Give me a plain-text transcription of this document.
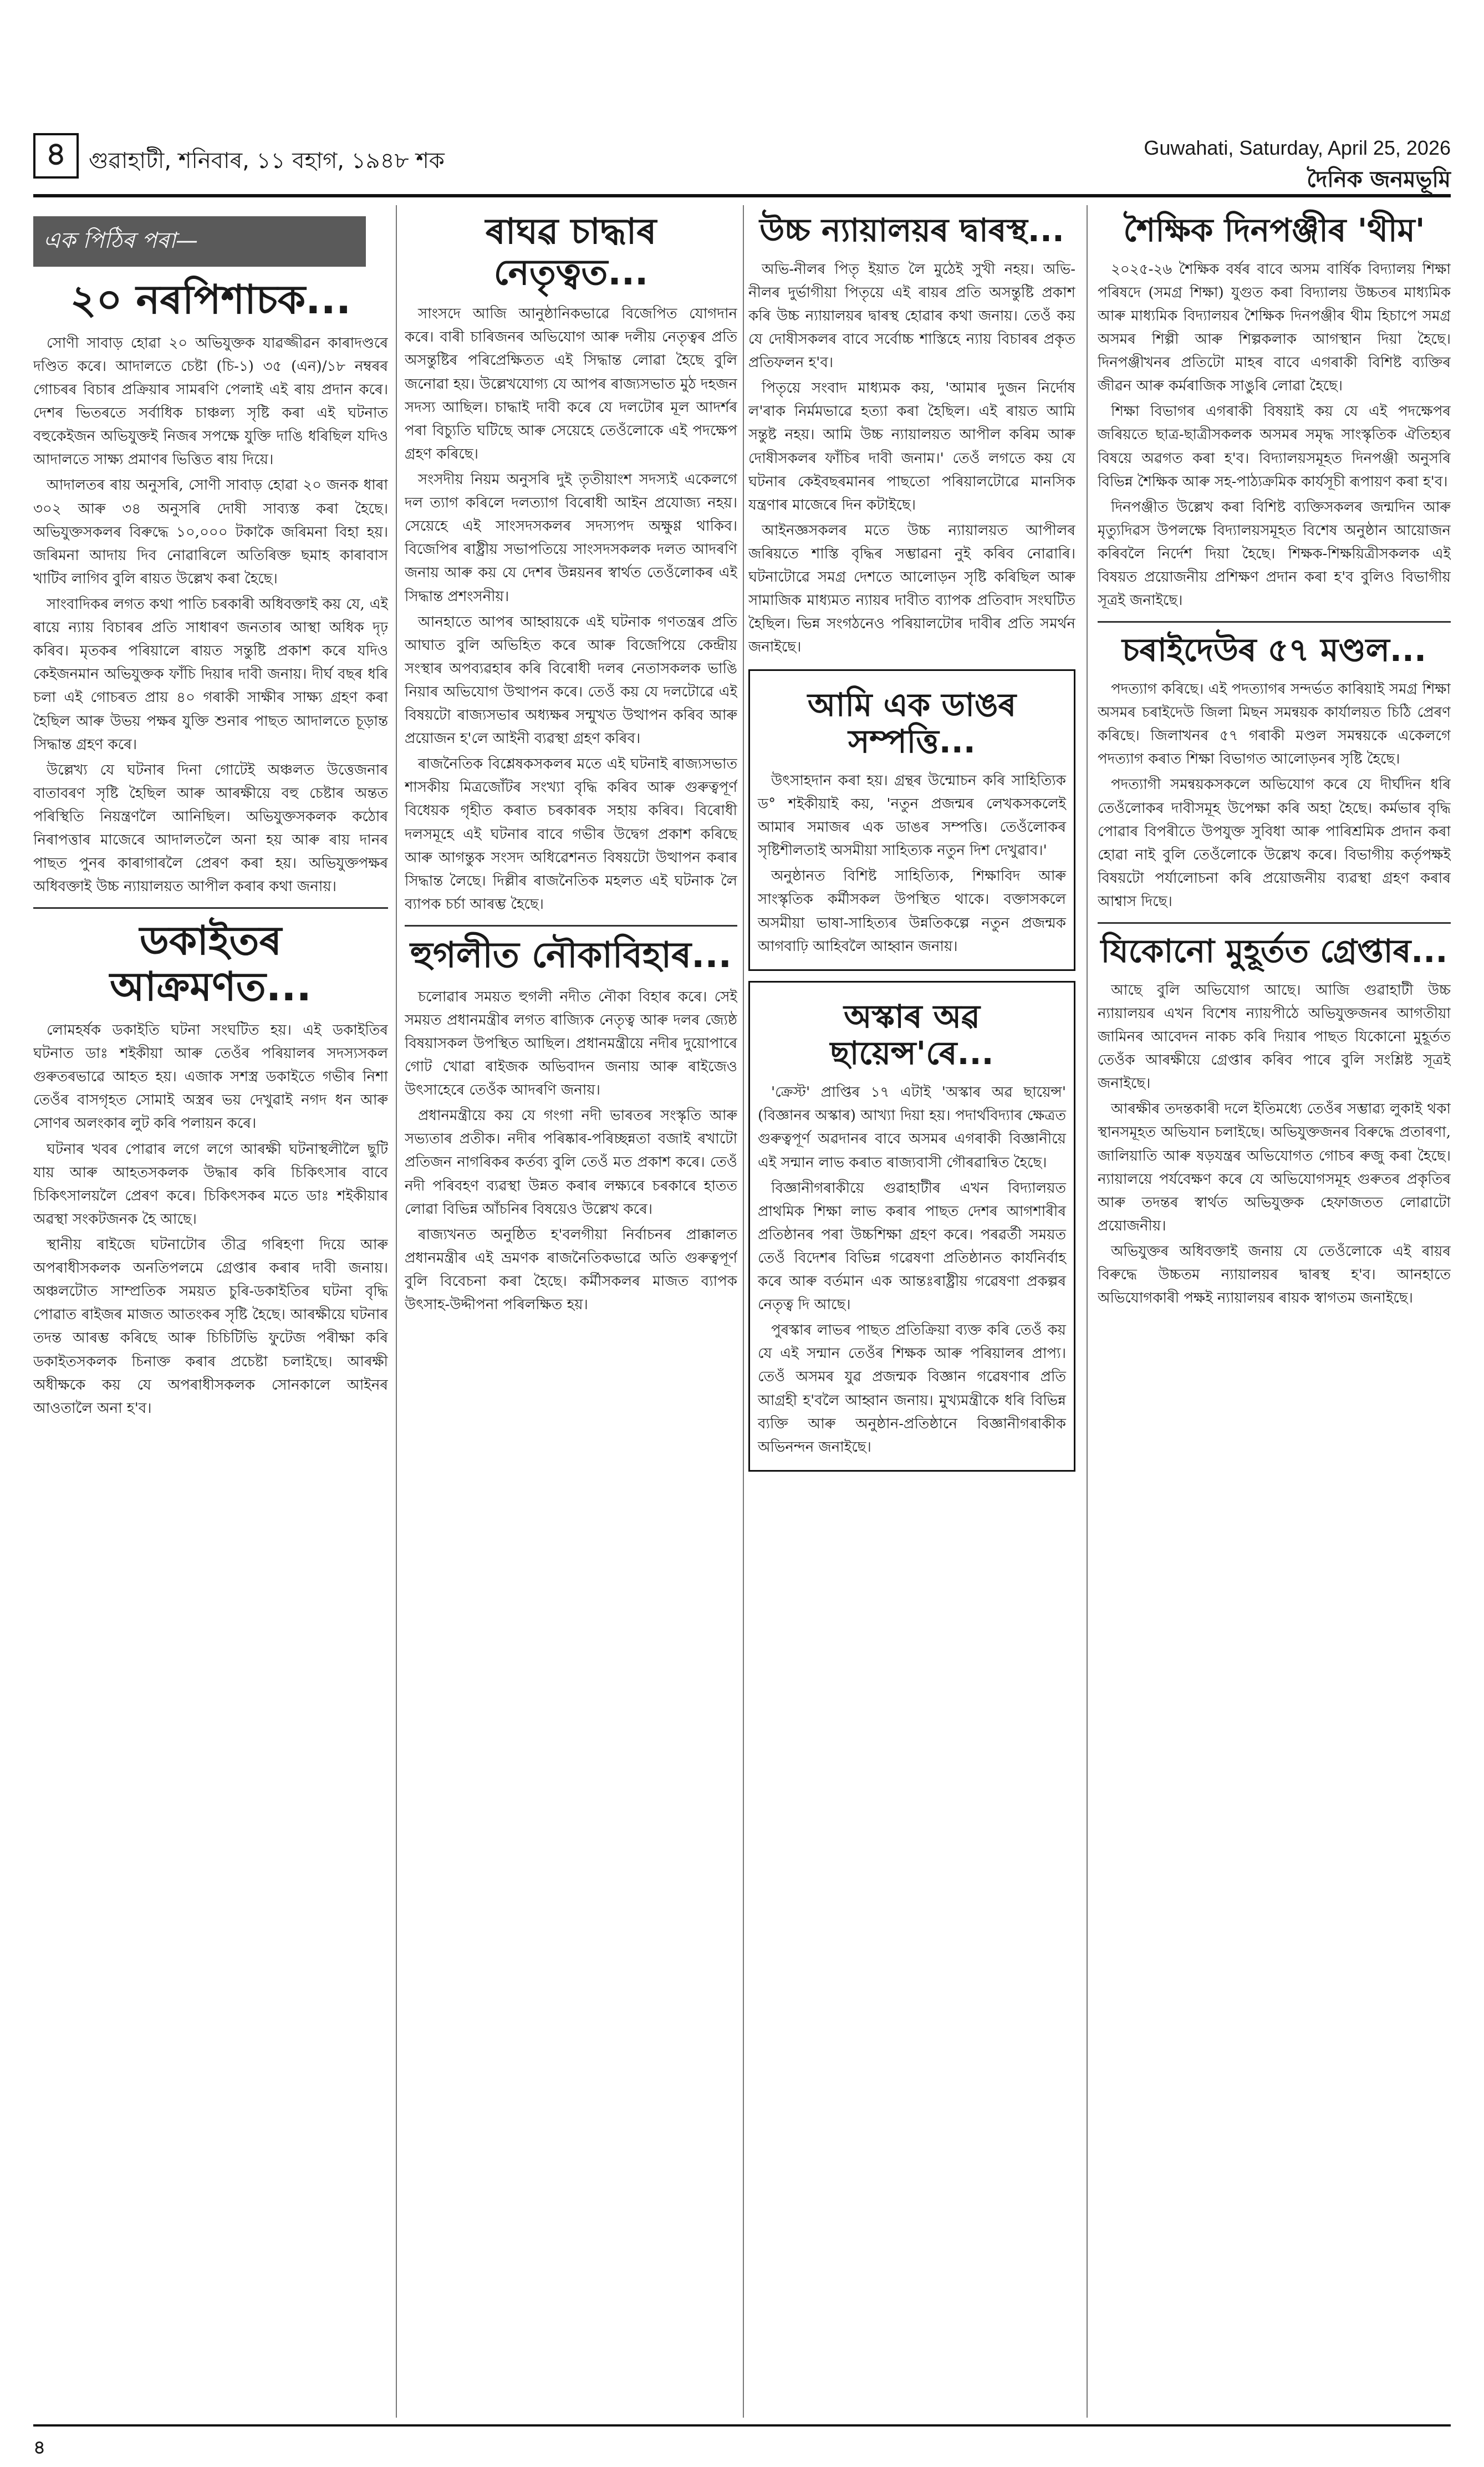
৪	গুৱাহাটী, শনিবাৰ, ১১ বহাগ, ১৯৪৮ শক
Guwahati, Saturday, April 25, 2026
দৈনিক জনমভূমি
এক পিঠিৰ পৰা—
২০ নৰপিশাচক...

সোণী সাবাড় হোৱা ২০ অভিযুক্তক যাৱজ্জীৱন কাৰাদণ্ডৰে দণ্ডিত কৰে। আদালতে চেষ্টা (চি-১) ৩৫ (এন)/১৮ নম্বৰৰ গোচৰৰ বিচাৰ প্ৰক্ৰিয়াৰ সামৰণি পেলাই এই ৰায় প্ৰদান কৰে। দেশৰ ভিতৰতে সৰ্বাধিক চাঞ্চল্য সৃষ্টি কৰা এই ঘটনাত বহুকেইজন অভিযুক্তই নিজৰ সপক্ষে যুক্তি দাঙি ধৰিছিল যদিও আদালতে সাক্ষ্য প্ৰমাণৰ ভিত্তিত ৰায় দিয়ে।

আদালতৰ ৰায় অনুসৰি, সোণী সাবাড় হোৱা ২০ জনক ধাৰা ৩০২ আৰু ৩৪ অনুসৰি দোষী সাব্যস্ত কৰা হৈছে। অভিযুক্তসকলৰ বিৰুদ্ধে ১০,০০০ টকাকৈ জৰিমনা বিহা হয়। জৰিমনা আদায় দিব নোৱাৰিলে অতিৰিক্ত ছমাহ কাৰাবাস খাটিব লাগিব বুলি ৰায়ত উল্লেখ কৰা হৈছে।

সাংবাদিকৰ লগত কথা পাতি চৰকাৰী অধিবক্তাই কয় যে, এই ৰায়ে ন্যায় বিচাৰৰ প্ৰতি সাধাৰণ জনতাৰ আস্থা অধিক দৃঢ় কৰিব। মৃতকৰ পৰিয়ালে ৰায়ত সন্তুষ্টি প্ৰকাশ কৰে যদিও কেইজনমান অভিযুক্তক ফাঁচি দিয়াৰ দাবী জনায়। দীৰ্ঘ বছৰ ধৰি চলা এই গোচৰত প্ৰায় ৪০ গৰাকী সাক্ষীৰ সাক্ষ্য গ্ৰহণ কৰা হৈছিল আৰু উভয় পক্ষৰ যুক্তি শুনাৰ পাছত আদালতে চূড়ান্ত সিদ্ধান্ত গ্ৰহণ কৰে।

উল্লেখ্য যে ঘটনাৰ দিনা গোটেই অঞ্চলত উত্তেজনাৰ বাতাবৰণ সৃষ্টি হৈছিল আৰু আৰক্ষীয়ে বহু চেষ্টাৰ অন্তত পৰিস্থিতি নিয়ন্ত্ৰণলৈ আনিছিল। অভিযুক্তসকলক কঠোৰ নিৰাপত্তাৰ মাজেৰে আদালতলৈ অনা হয় আৰু ৰায় দানৰ পাছত পুনৰ কাৰাগাৰলৈ প্ৰেৰণ কৰা হয়। অভিযুক্তপক্ষৰ অধিবক্তাই উচ্চ ন্যায়ালয়ত আপীল কৰাৰ কথা জনায়।

ডকাইতৰ আক্ৰমণত...

লোমহৰ্ষক ডকাইতি ঘটনা সংঘটিত হয়। এই ডকাইতিৰ ঘটনাত ডাঃ শইকীয়া আৰু তেওঁৰ পৰিয়ালৰ সদস্যসকল গুৰুতৰভাৱে আহত হয়। এজাক সশস্ত্ৰ ডকাইতে গভীৰ নিশা তেওঁৰ বাসগৃহত সোমাই অস্ত্ৰৰ ভয় দেখুৱাই নগদ ধন আৰু সোণৰ অলংকাৰ লুট কৰি পলায়ন কৰে।

ঘটনাৰ খবৰ পোৱাৰ লগে লগে আৰক্ষী ঘটনাস্থলীলৈ ছুটি যায় আৰু আহতসকলক উদ্ধাৰ কৰি চিকিৎসাৰ বাবে চিকিৎসালয়লৈ প্ৰেৰণ কৰে। চিকিৎসকৰ মতে ডাঃ শইকীয়াৰ অৱস্থা সংকটজনক হৈ আছে।

স্থানীয় ৰাইজে ঘটনাটোৰ তীব্ৰ গৰিহণা দিয়ে আৰু অপৰাধীসকলক অনতিপলমে গ্ৰেপ্তাৰ কৰাৰ দাবী জনায়। অঞ্চলটোত সাম্প্ৰতিক সময়ত চুৰি-ডকাইতিৰ ঘটনা বৃদ্ধি পোৱাত ৰাইজৰ মাজত আতংকৰ সৃষ্টি হৈছে। আৰক্ষীয়ে ঘটনাৰ তদন্ত আৰম্ভ কৰিছে আৰু চিচিটিভি ফুটেজ পৰীক্ষা কৰি ডকাইতসকলক চিনাক্ত কৰাৰ প্ৰচেষ্টা চলাইছে। আৰক্ষী অধীক্ষকে কয় যে অপৰাধীসকলক সোনকালে আইনৰ আওতালৈ অনা হ'ব।

ৰাঘৱ চাদ্ধাৰ নেতৃত্বত...

সাংসদে আজি আনুষ্ঠানিকভাৱে বিজেপিত যোগদান কৰে। বাৰী চাৰিজনৰ অভিযোগ আৰু দলীয় নেতৃত্বৰ প্ৰতি অসন্তুষ্টিৰ পৰিপ্ৰেক্ষিতত এই সিদ্ধান্ত লোৱা হৈছে বুলি জনোৱা হয়। উল্লেখযোগ্য যে আপৰ ৰাজ্যসভাত মুঠ দহজন সদস্য আছিল। চাদ্ধাই দাবী কৰে যে দলটোৰ মূল আদৰ্শৰ পৰা বিচ্যুতি ঘটিছে আৰু সেয়েহে তেওঁলোকে এই পদক্ষেপ গ্ৰহণ কৰিছে।

সংসদীয় নিয়ম অনুসৰি দুই তৃতীয়াংশ সদস্যই একেলগে দল ত্যাগ কৰিলে দলত্যাগ বিৰোধী আইন প্ৰযোজ্য নহয়। সেয়েহে এই সাংসদসকলৰ সদস্যপদ অক্ষুণ্ণ থাকিব। বিজেপিৰ ৰাষ্ট্ৰীয় সভাপতিয়ে সাংসদসকলক দলত আদৰণি জনায় আৰু কয় যে দেশৰ উন্নয়নৰ স্বাৰ্থত তেওঁলোকৰ এই সিদ্ধান্ত প্ৰশংসনীয়।

আনহাতে আপৰ আহ্বায়কে এই ঘটনাক গণতন্ত্ৰৰ প্ৰতি আঘাত বুলি অভিহিত কৰে আৰু বিজেপিয়ে কেন্দ্ৰীয় সংস্থাৰ অপব্যৱহাৰ কৰি বিৰোধী দলৰ নেতাসকলক ভাঙি নিয়াৰ অভিযোগ উত্থাপন কৰে। তেওঁ কয় যে দলটোৱে এই বিষয়টো ৰাজ্যসভাৰ অধ্যক্ষৰ সন্মুখত উত্থাপন কৰিব আৰু প্ৰয়োজন হ'লে আইনী ব্যৱস্থা গ্ৰহণ কৰিব।

ৰাজনৈতিক বিশ্লেষকসকলৰ মতে এই ঘটনাই ৰাজ্যসভাত শাসকীয় মিত্ৰজোঁটৰ সংখ্যা বৃদ্ধি কৰিব আৰু গুৰুত্বপূৰ্ণ বিধেয়ক গৃহীত কৰাত চৰকাৰক সহায় কৰিব। বিৰোধী দলসমূহে এই ঘটনাৰ বাবে গভীৰ উদ্বেগ প্ৰকাশ কৰিছে আৰু আগন্তুক সংসদ অধিৱেশনত বিষয়টো উত্থাপন কৰাৰ সিদ্ধান্ত লৈছে। দিল্লীৰ ৰাজনৈতিক মহলত এই ঘটনাক লৈ ব্যাপক চৰ্চা আৰম্ভ হৈছে।

হুগলীত নৌকাবিহাৰ...

চলোৱাৰ সময়ত হুগলী নদীত নৌকা বিহাৰ কৰে। সেই সময়ত প্ৰধানমন্ত্ৰীৰ লগত ৰাজ্যিক নেতৃত্ব আৰু দলৰ জ্যেষ্ঠ বিষয়াসকল উপস্থিত আছিল। প্ৰধানমন্ত্ৰীয়ে নদীৰ দুয়োপাৰে গোট খোৱা ৰাইজক অভিবাদন জনায় আৰু ৰাইজেও উৎসাহেৰে তেওঁক আদৰণি জনায়।

প্ৰধানমন্ত্ৰীয়ে কয় যে গংগা নদী ভাৰতৰ সংস্কৃতি আৰু সভ্যতাৰ প্ৰতীক। নদীৰ পৰিষ্কাৰ-পৰিচ্ছন্নতা বজাই ৰখাটো প্ৰতিজন নাগৰিকৰ কৰ্তব্য বুলি তেওঁ মত প্ৰকাশ কৰে। তেওঁ নদী পৰিবহণ ব্যৱস্থা উন্নত কৰাৰ লক্ষ্যৰে চৰকাৰে হাতত লোৱা বিভিন্ন আঁচনিৰ বিষয়েও উল্লেখ কৰে।

ৰাজ্যখনত অনুষ্ঠিত হ'বলগীয়া নিৰ্বাচনৰ প্ৰাক্কালত প্ৰধানমন্ত্ৰীৰ এই ভ্ৰমণক ৰাজনৈতিকভাৱে অতি গুৰুত্বপূৰ্ণ বুলি বিবেচনা কৰা হৈছে। কৰ্মীসকলৰ মাজত ব্যাপক উৎসাহ-উদ্দীপনা পৰিলক্ষিত হয়।

উচ্চ ন্যায়ালয়ৰ দ্বাৰস্থ...

অভি-নীলৰ পিতৃ ইয়াত লৈ মুঠেই সুখী নহয়। অভি-নীলৰ দুৰ্ভাগীয়া পিতৃয়ে এই ৰায়ৰ প্ৰতি অসন্তুষ্টি প্ৰকাশ কৰি উচ্চ ন্যায়ালয়ৰ দ্বাৰস্থ হোৱাৰ কথা জনায়। তেওঁ কয় যে দোষীসকলৰ বাবে সৰ্বোচ্চ শাস্তিহে ন্যায় বিচাৰৰ প্ৰকৃত প্ৰতিফলন হ'ব।

পিতৃয়ে সংবাদ মাধ্যমক কয়, 'আমাৰ দুজন নিৰ্দোষ ল'ৰাক নিৰ্মমভাৱে হত্যা কৰা হৈছিল। এই ৰায়ত আমি সন্তুষ্ট নহয়। আমি উচ্চ ন্যায়ালয়ত আপীল কৰিম আৰু দোষীসকলৰ ফাঁচিৰ দাবী জনাম।' তেওঁ লগতে কয় যে ঘটনাৰ কেইবছৰমানৰ পাছতো পৰিয়ালটোৱে মানসিক যন্ত্ৰণাৰ মাজেৰে দিন কটাইছে।

আইনজ্ঞসকলৰ মতে উচ্চ ন্যায়ালয়ত আপীলৰ জৰিয়তে শাস্তি বৃদ্ধিৰ সম্ভাৱনা নুই কৰিব নোৱাৰি। ঘটনাটোৱে সমগ্ৰ দেশতে আলোড়ন সৃষ্টি কৰিছিল আৰু সামাজিক মাধ্যমত ন্যায়ৰ দাবীত ব্যাপক প্ৰতিবাদ সংঘটিত হৈছিল। ভিন্ন সংগঠনেও পৰিয়ালটোৰ দাবীৰ প্ৰতি সমৰ্থন জনাইছে।

আমি এক ডাঙৰ সম্পত্তি...

উৎসাহদান কৰা হয়। গ্ৰন্থৰ উন্মোচন কৰি সাহিত্যিক ড° শইকীয়াই কয়, 'নতুন প্ৰজন্মৰ লেখকসকলেই আমাৰ সমাজৰ এক ডাঙৰ সম্পত্তি। তেওঁলোকৰ সৃষ্টিশীলতাই অসমীয়া সাহিত্যক নতুন দিশ দেখুৱাব।'

অনুষ্ঠানত বিশিষ্ট সাহিত্যিক, শিক্ষাবিদ আৰু সাংস্কৃতিক কৰ্মীসকল উপস্থিত থাকে। বক্তাসকলে অসমীয়া ভাষা-সাহিত্যৰ উন্নতিকল্পে নতুন প্ৰজন্মক আগবাঢ়ি আহিবলৈ আহ্বান জনায়।

অস্কাৰ অৱ ছায়েন্স'ৰে...

'ক্ৰেস্ট' প্ৰাপ্তিৰ ১৭ এটাই 'অস্কাৰ অৱ ছায়েন্স' (বিজ্ঞানৰ অস্কাৰ) আখ্যা দিয়া হয়। পদাৰ্থবিদ্যাৰ ক্ষেত্ৰত গুৰুত্বপূৰ্ণ অৱদানৰ বাবে অসমৰ এগৰাকী বিজ্ঞানীয়ে এই সন্মান লাভ কৰাত ৰাজ্যবাসী গৌৰৱান্বিত হৈছে।

বিজ্ঞানীগৰাকীয়ে গুৱাহাটীৰ এখন বিদ্যালয়ত প্ৰাথমিক শিক্ষা লাভ কৰাৰ পাছত দেশৰ আগশাৰীৰ প্ৰতিষ্ঠানৰ পৰা উচ্চশিক্ষা গ্ৰহণ কৰে। পৰৱৰ্তী সময়ত তেওঁ বিদেশৰ বিভিন্ন গৱেষণা প্ৰতিষ্ঠানত কাৰ্যনিৰ্বাহ কৰে আৰু বৰ্তমান এক আন্তঃৰাষ্ট্ৰীয় গৱেষণা প্ৰকল্পৰ নেতৃত্ব দি আছে।

পুৰস্কাৰ লাভৰ পাছত প্ৰতিক্ৰিয়া ব্যক্ত কৰি তেওঁ কয় যে এই সন্মান তেওঁৰ শিক্ষক আৰু পৰিয়ালৰ প্ৰাপ্য। তেওঁ অসমৰ যুৱ প্ৰজন্মক বিজ্ঞান গৱেষণাৰ প্ৰতি আগ্ৰহী হ'বলৈ আহ্বান জনায়। মুখ্যমন্ত্ৰীকে ধৰি বিভিন্ন ব্যক্তি আৰু অনুষ্ঠান-প্ৰতিষ্ঠানে বিজ্ঞানীগৰাকীক অভিনন্দন জনাইছে।

শৈক্ষিক দিনপঞ্জীৰ 'থীম'

২০২৫-২৬ শৈক্ষিক বৰ্ষৰ বাবে অসম বাৰ্ষিক বিদ্যালয় শিক্ষা পৰিষদে (সমগ্ৰ শিক্ষা) যুগুত কৰা বিদ্যালয় উচ্চতৰ মাধ্যমিক আৰু মাধ্যমিক বিদ্যালয়ৰ শৈক্ষিক দিনপঞ্জীৰ থীম হিচাপে সমগ্ৰ অসমৰ শিল্পী আৰু শিল্পকলাক আগস্থান দিয়া হৈছে। দিনপঞ্জীখনৰ প্ৰতিটো মাহৰ বাবে এগৰাকী বিশিষ্ট ব্যক্তিৰ জীৱন আৰু কৰ্মৰাজিক সাঙুৰি লোৱা হৈছে।

শিক্ষা বিভাগৰ এগৰাকী বিষয়াই কয় যে এই পদক্ষেপৰ জৰিয়তে ছাত্ৰ-ছাত্ৰীসকলক অসমৰ সমৃদ্ধ সাংস্কৃতিক ঐতিহ্যৰ বিষয়ে অৱগত কৰা হ'ব। বিদ্যালয়সমূহত দিনপঞ্জী অনুসৰি বিভিন্ন শৈক্ষিক আৰু সহ-পাঠ্যক্ৰমিক কাৰ্যসূচী ৰূপায়ণ কৰা হ'ব।

দিনপঞ্জীত উল্লেখ কৰা বিশিষ্ট ব্যক্তিসকলৰ জন্মদিন আৰু মৃত্যুদিৱস উপলক্ষে বিদ্যালয়সমূহত বিশেষ অনুষ্ঠান আয়োজন কৰিবলৈ নিৰ্দেশ দিয়া হৈছে। শিক্ষক-শিক্ষয়িত্ৰীসকলক এই বিষয়ত প্ৰয়োজনীয় প্ৰশিক্ষণ প্ৰদান কৰা হ'ব বুলিও বিভাগীয় সূত্ৰই জনাইছে।

চৰাইদেউৰ ৫৭ মণ্ডল...

পদত্যাগ কৰিছে। এই পদত্যাগৰ সন্দৰ্ভত কাৰিয়াই সমগ্ৰ শিক্ষা অসমৰ চৰাইদেউ জিলা মিছন সমন্বয়ক কাৰ্যালয়ত চিঠি প্ৰেৰণ কৰিছে। জিলাখনৰ ৫৭ গৰাকী মণ্ডল সমন্বয়কে একেলগে পদত্যাগ কৰাত শিক্ষা বিভাগত আলোড়নৰ সৃষ্টি হৈছে।

পদত্যাগী সমন্বয়কসকলে অভিযোগ কৰে যে দীৰ্ঘদিন ধৰি তেওঁলোকৰ দাবীসমূহ উপেক্ষা কৰি অহা হৈছে। কৰ্মভাৰ বৃদ্ধি পোৱাৰ বিপৰীতে উপযুক্ত সুবিধা আৰু পাৰিশ্ৰমিক প্ৰদান কৰা হোৱা নাই বুলি তেওঁলোকে উল্লেখ কৰে। বিভাগীয় কৰ্তৃপক্ষই বিষয়টো পৰ্যালোচনা কৰি প্ৰয়োজনীয় ব্যৱস্থা গ্ৰহণ কৰাৰ আশ্বাস দিছে।

যিকোনো মুহূৰ্তত গ্ৰেপ্তাৰ...

আছে বুলি অভিযোগ আছে। আজি গুৱাহাটী উচ্চ ন্যায়ালয়ৰ এখন বিশেষ ন্যায়পীঠে অভিযুক্তজনৰ আগতীয়া জামিনৰ আবেদন নাকচ কৰি দিয়াৰ পাছত যিকোনো মুহূৰ্তত তেওঁক আৰক্ষীয়ে গ্ৰেপ্তাৰ কৰিব পাৰে বুলি সংশ্লিষ্ট সূত্ৰই জনাইছে।

আৰক্ষীৰ তদন্তকাৰী দলে ইতিমধ্যে তেওঁৰ সম্ভাৱ্য লুকাই থকা স্থানসমূহত অভিযান চলাইছে। অভিযুক্তজনৰ বিৰুদ্ধে প্ৰতাৰণা, জালিয়াতি আৰু ষড়যন্ত্ৰৰ অভিযোগত গোচৰ ৰুজু কৰা হৈছে। ন্যায়ালয়ে পৰ্যবেক্ষণ কৰে যে অভিযোগসমূহ গুৰুতৰ প্ৰকৃতিৰ আৰু তদন্তৰ স্বাৰ্থত অভিযুক্তক হেফাজতত লোৱাটো প্ৰয়োজনীয়।

অভিযুক্তৰ অধিবক্তাই জনায় যে তেওঁলোকে এই ৰায়ৰ বিৰুদ্ধে উচ্চতম ন্যায়ালয়ৰ দ্বাৰস্থ হ'ব। আনহাতে অভিযোগকাৰী পক্ষই ন্যায়ালয়ৰ ৰায়ক স্বাগতম জনাইছে।

৪
